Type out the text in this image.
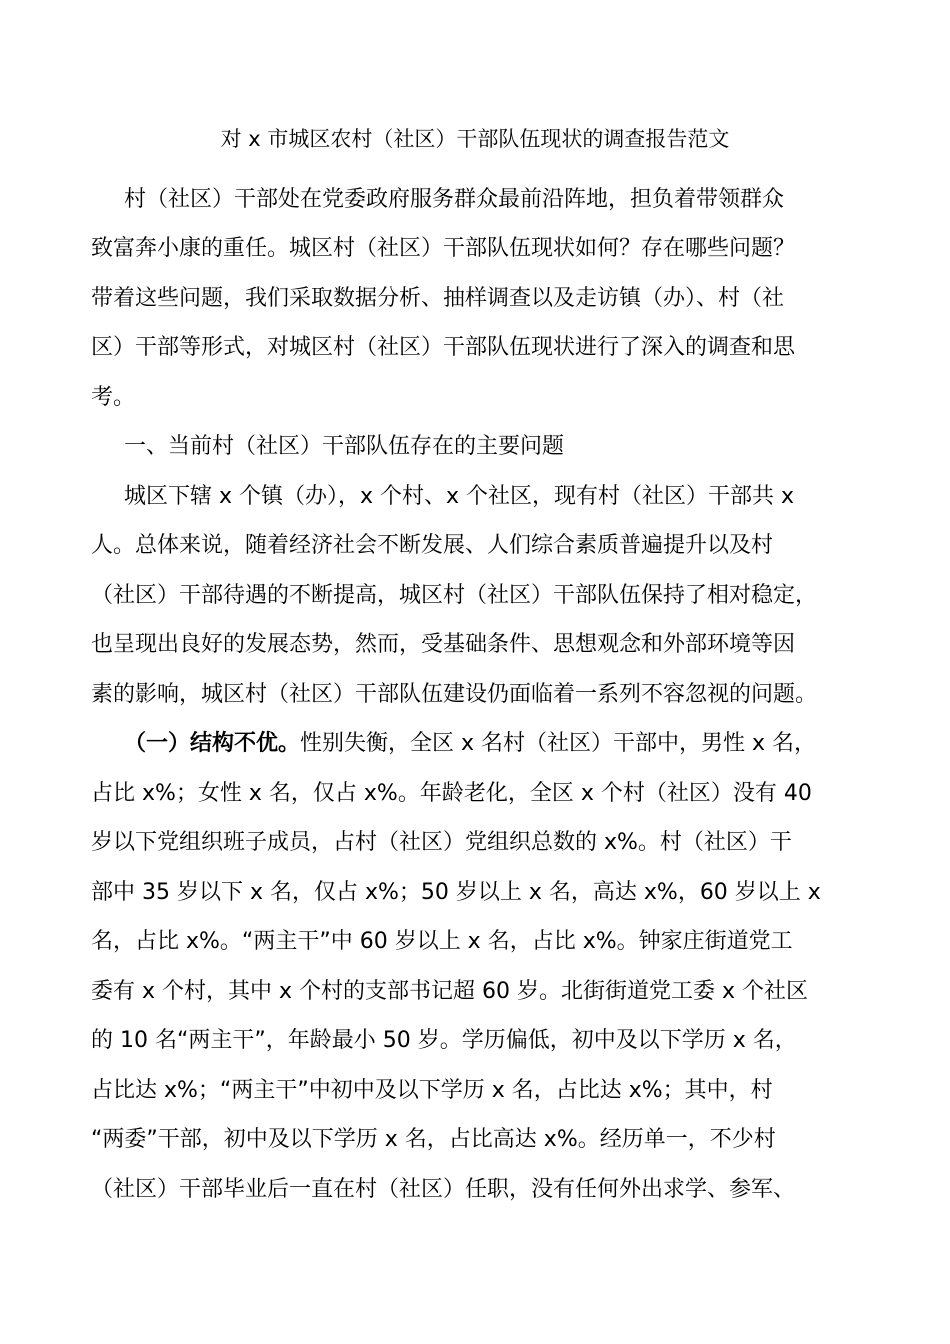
对 x 市城区农村（社区）干部队伍现状的调查报告范文
村（社区）干部处在党委政府服务群众最前沿阵地，担负着带领群众
致富奔小康的重任。城区村（社区）干部队伍现状如何？存在哪些问题？
带着这些问题，我们采取数据分析、抽样调查以及走访镇（办）、村（社
区）干部等形式，对城区村（社区）干部队伍现状进行了深入的调查和思
考。
一、当前村（社区）干部队伍存在的主要问题
城区下辖 x 个镇（办），x 个村、x 个社区，现有村（社区）干部共 x
人。总体来说，随着经济社会不断发展、人们综合素质普遍提升以及村
（社区）干部待遇的不断提高，城区村（社区）干部队伍保持了相对稳定，
也呈现出良好的发展态势，然而，受基础条件、思想观念和外部环境等因
素的影响，城区村（社区）干部队伍建设仍面临着一系列不容忽视的问题。
（一）结构不优。性别失衡，全区 x 名村（社区）干部中，男性 x 名，
占比 x%；女性 x 名，仅占 x%。年龄老化，全区 x 个村（社区）没有 40
岁以下党组织班子成员，占村（社区）党组织总数的 x%。村（社区）干
部中 35 岁以下 x 名，仅占 x%；50 岁以上 x 名，高达 x%，60 岁以上 x
名，占比 x%。“两主干”中 60 岁以上 x 名，占比 x%。钟家庄街道党工
委有 x 个村，其中 x 个村的支部书记超 60 岁。北街街道党工委 x 个社区
的 10 名“两主干”，年龄最小 50 岁。学历偏低，初中及以下学历 x 名，
占比达 x%；“两主干”中初中及以下学历 x 名，占比达 x%；其中，村
“两委”干部，初中及以下学历 x 名，占比高达 x%。经历单一，不少村
（社区）干部毕业后一直在村（社区）任职，没有任何外出求学、参军、
